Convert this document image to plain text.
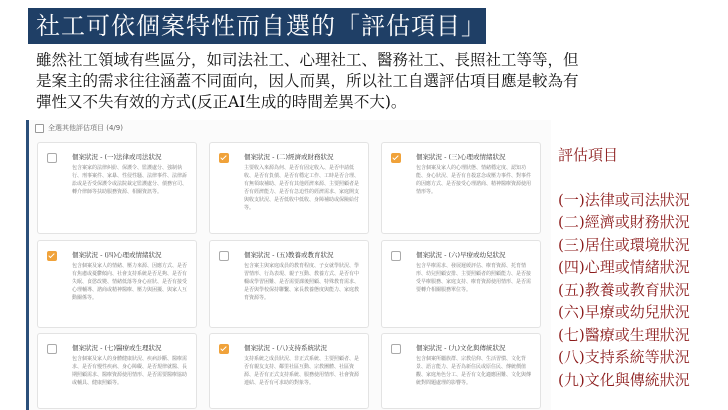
社工可依個案特性而自選的「評估項目」
雖然社工領域有些區分，如司法社工、心理社工、醫務社工、長照社工等等，但
是案主的需求往往涵蓋不同面向，因人而異，所以社工自選評估項目應是較為有
彈性又不失有效的方式(反正AI生成的時間差異不大)。
全選其他評估項目 (4/9)
個案狀況 - (一)法律或司法狀況
包含案家的法律糾紛、保護令、監護處分、強制執行、刑事案件、家暴、性侵性騷、法律事件、法律訴訟或是否受保護令或法院裁定監護處分、債務官司、轉介律師等扶助服務資源、相關資訊等。
個案狀況 - (二)經濟或財務狀況
主要收入來源為何、是否有固定收入、是否申請低收、是否有負債、是否有穩定工作、工時是否合理、有無領取補助、是否有其他經濟來源、主要照顧者是否有經濟能力、是否有急迫性的經濟需求、家庭開支與收支狀況、是否低收中低收、身障補助或保險給付等。
個案狀況 - (三)心理或情緒狀況
包含個案及家人的心理狀態、情緒穩定度、認知功能、身心狀況、是否有自殺意念或壓力事件、對事件的因應方式、是否接受心理諮商、精神醫療資源使用情形等。
個案狀況 - (四)心理或情緒狀況
包含個案及家人的情緒、壓力來源、因應方式、是否有焦慮或憂鬱傾向、社會支持系統是否足夠、是否有失眠、食慾改變、情緒低落等身心症狀、是否有接受心理輔導、諮商或精神醫療、壓力與困擾、與家人互動關係等。
個案狀況 - (五)教養或教育狀況
包含案主與家庭成員的教育程度、子女就學狀況、學習情形、行為表現、親子互動、教養方式、是否有中輟或學習困難、是否需要課後照顧、特殊教育需求、是否與學校保持聯繫、家長教養態度與能力、家庭教育資源等。
個案狀況 - (六)早療或幼兒狀況
包含早療需求、發展遲緩評估、療育資源、托育情形、幼兒照顧安排、主要照顧者的照顧能力、是否接受早療服務、家庭支持、療育資源使用情形、是否需要轉介相關服務單位等。
個案狀況 - (七)醫療或生理狀況
包含個案及家人的身體健康狀況、疾病診斷、醫療需求、是否有慢性疾病、身心障礙、是否規律就醫、長期照顧需求、醫療資源使用情形、是否需要醫療協助或輔具、健康照顧等。
個案狀況 - (八)支持系統狀況
支持系統之成員狀況、非正式系統、主要照顧者、是否有親友支持、鄰里社區互動、宗教團體、社區資源、是否有正式支持系統、服務使用情形、社會資源連結、是否有可求助的對象等。
個案狀況 - (九)文化與傳統狀況
包含個案所屬族群、宗教信仰、生活習慣、文化背景、語言能力、是否為新住民或原住民、傳統價值觀、家庭角色分工、是否有文化適應困難、文化與傳統對問題處理的影響等。
評估項目
(一)法律或司法狀況
(二)經濟或財務狀況
(三)居住或環境狀況
(四)心理或情緒狀況
(五)教養或教育狀況
(六)早療或幼兒狀況
(七)醫療或生理狀況
(八)支持系統等狀況
(九)文化與傳統狀況
